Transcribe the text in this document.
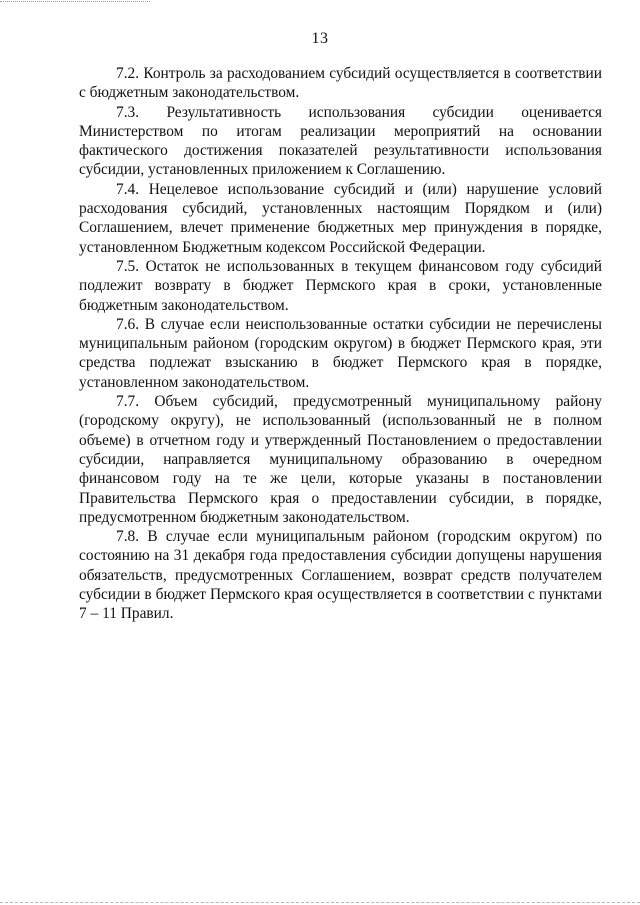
13

7.2. Контроль за расходованием субсидий осуществляется в соответствии с бюджетным законодательством.

7.3. Результативность использования субсидии оценивается Министерством по итогам реализации мероприятий на основании фактического достижения показателей результативности использования субсидии, установленных приложением к Соглашению.

7.4. Нецелевое использование субсидий и (или) нарушение условий расходования субсидий, установленных настоящим Порядком и (или) Соглашением, влечет применение бюджетных мер принуждения в порядке, установленном Бюджетным кодексом Российской Федерации.

7.5. Остаток не использованных в текущем финансовом году субсидий подлежит возврату в бюджет Пермского края в сроки, установленные бюджетным законодательством.

7.6. В случае если неиспользованные остатки субсидии не перечислены муниципальным районом (городским округом) в бюджет Пермского края, эти средства подлежат взысканию в бюджет Пермского края в порядке, установленном законодательством.

7.7. Объем субсидий, предусмотренный муниципальному району (городскому округу), не использованный (использованный не в полном объеме) в отчетном году и утвержденный Постановлением о предоставлении субсидии, направляется муниципальному образованию в очередном финансовом году на те же цели, которые указаны в постановлении Правительства Пермского края о предоставлении субсидии, в порядке, предусмотренном бюджетным законодательством.

7.8. В случае если муниципальным районом (городским округом) по состоянию на 31 декабря года предоставления субсидии допущены нарушения обязательств, предусмотренных Соглашением, возврат средств получателем субсидии в бюджет Пермского края осуществляется в соответствии с пунктами 7 – 11 Правил.
